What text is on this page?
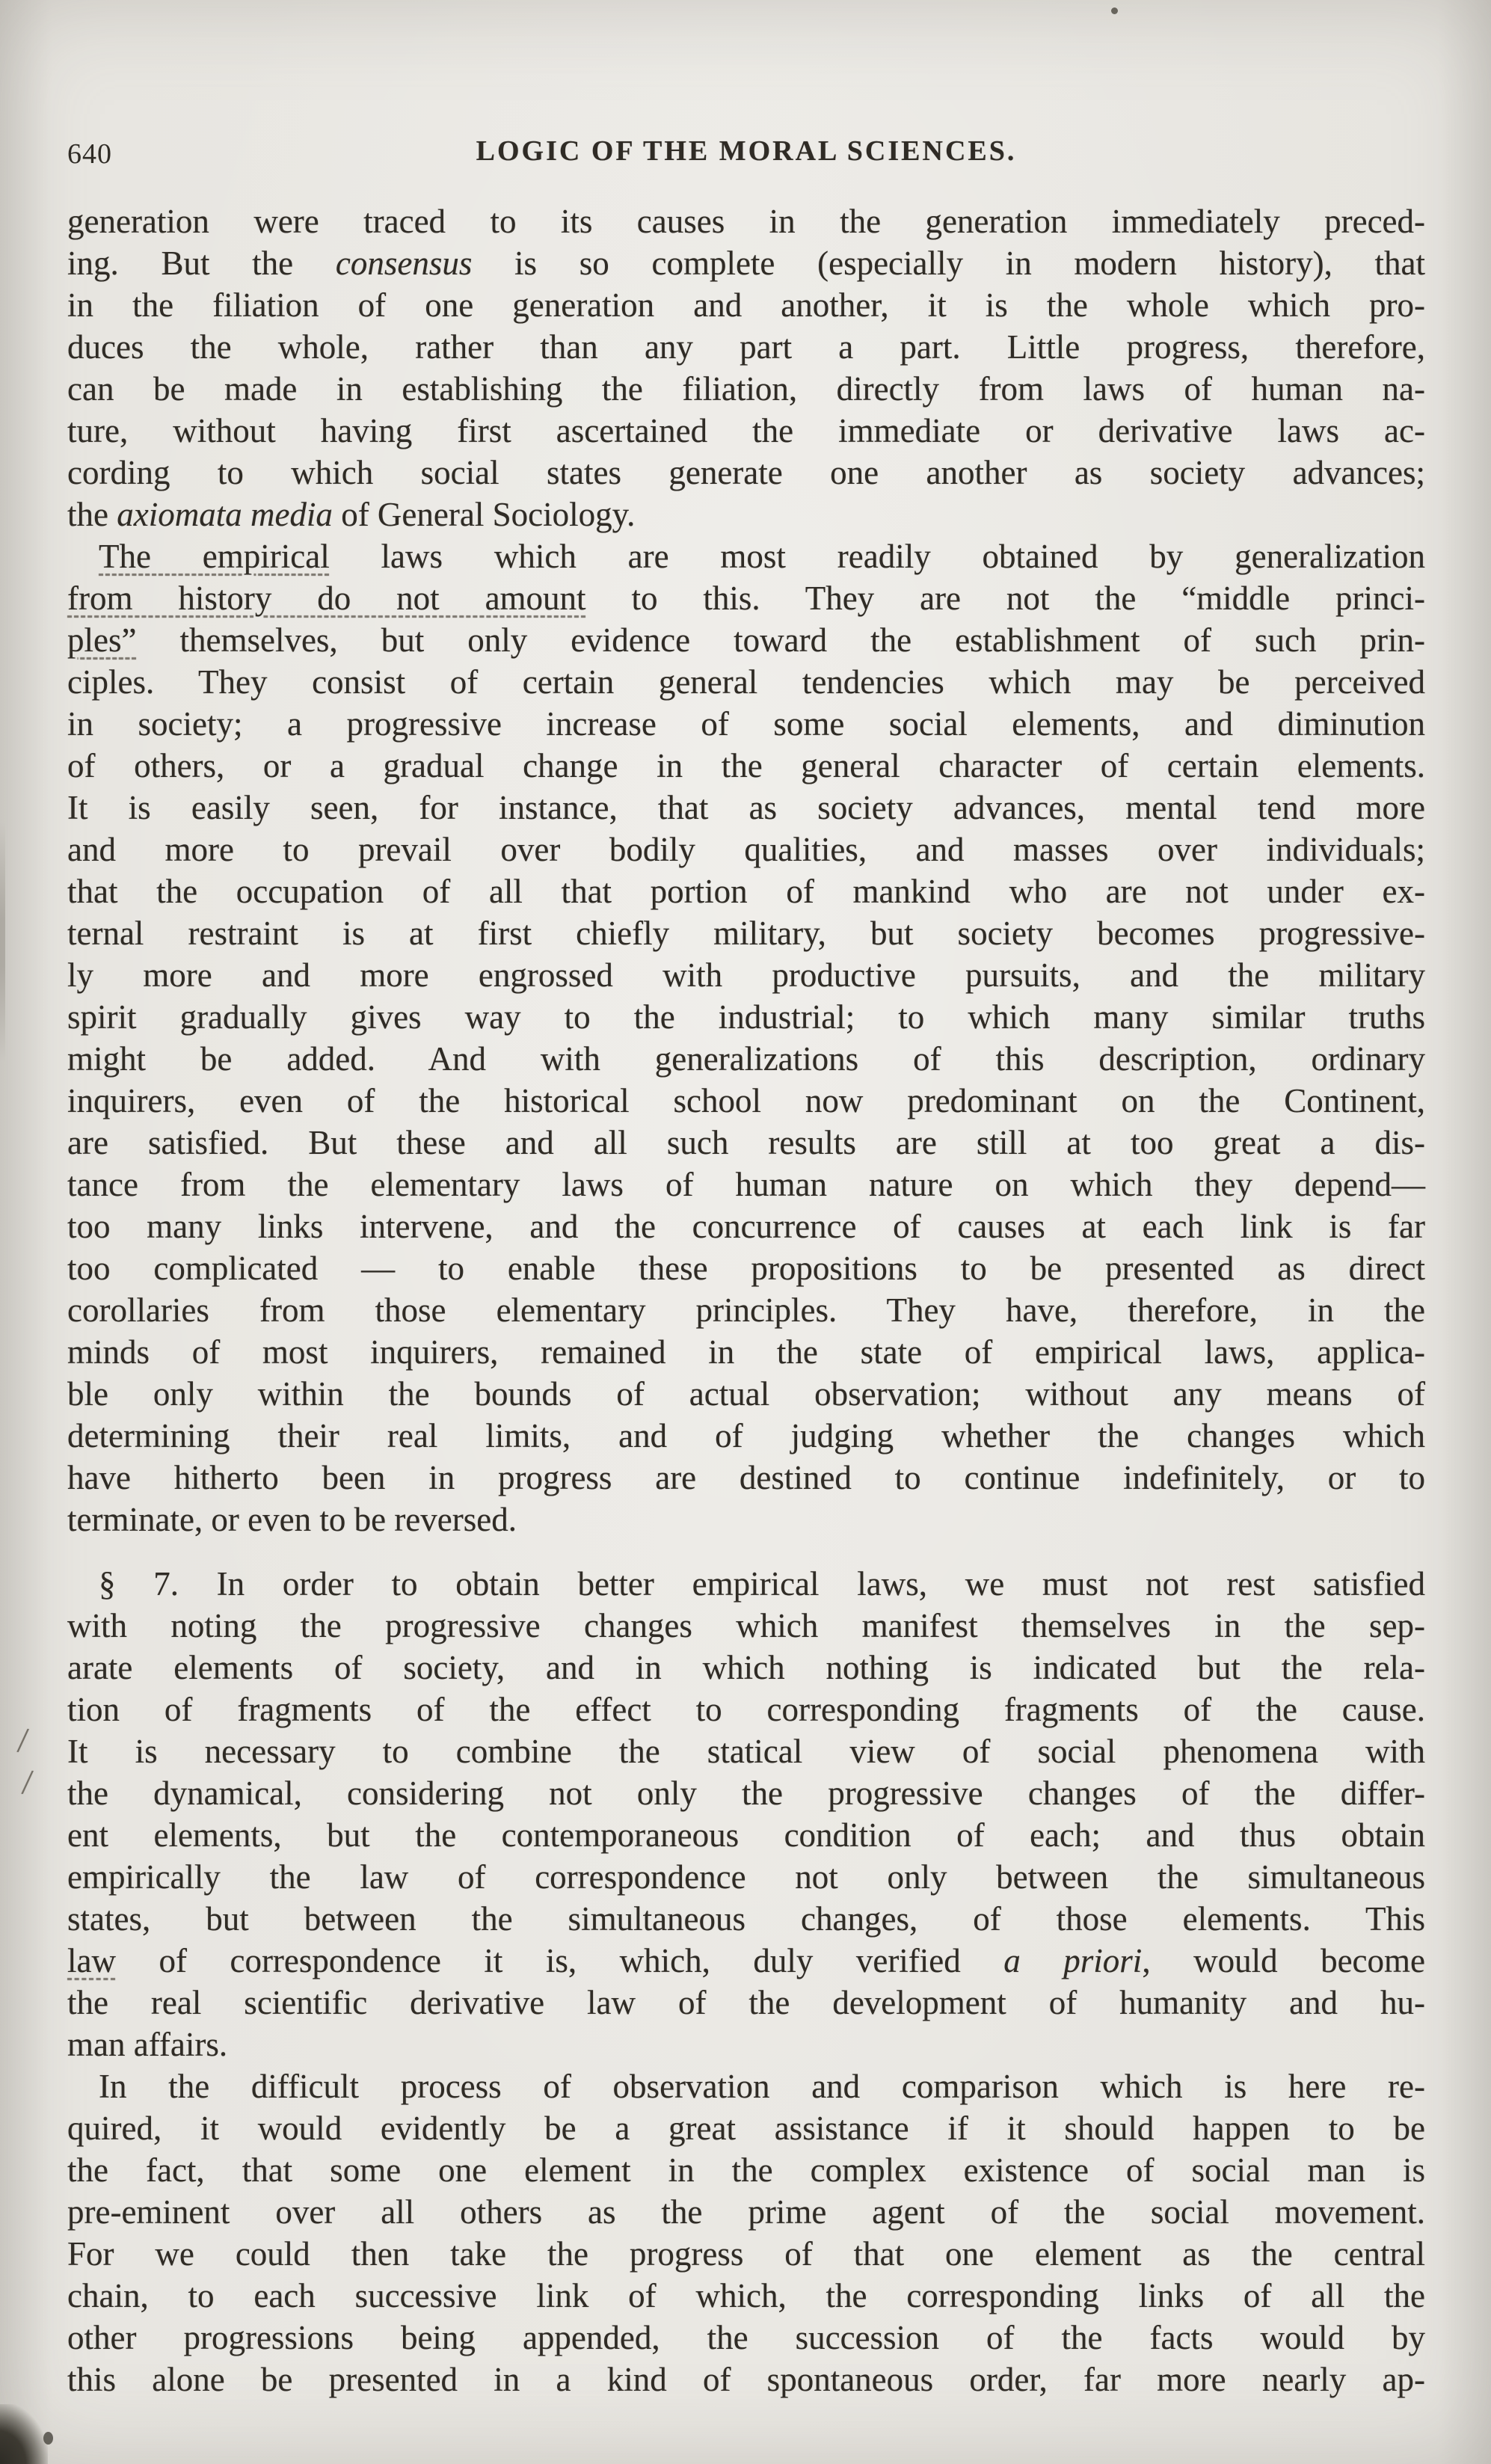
640	LOGIC OF THE MORAL SCIENCES.
generation were traced to its causes in the generation immediately preced-
ing. But the consensus is so complete (especially in modern history), that
in the filiation of one generation and another, it is the whole which pro-
duces the whole, rather than any part a part. Little progress, therefore,
can be made in establishing the filiation, directly from laws of human na-
ture, without having first ascertained the immediate or derivative laws ac-
cording to which social states generate one another as society advances;
the axiomata media of General Sociology.
The empirical laws which are most readily obtained by generalization
from history do not amount to this. They are not the “middle princi-
ples” themselves, but only evidence toward the establishment of such prin-
ciples. They consist of certain general tendencies which may be perceived
in society; a progressive increase of some social elements, and diminution
of others, or a gradual change in the general character of certain elements.
It is easily seen, for instance, that as society advances, mental tend more
and more to prevail over bodily qualities, and masses over individuals;
that the occupation of all that portion of mankind who are not under ex-
ternal restraint is at first chiefly military, but society becomes progressive-
ly more and more engrossed with productive pursuits, and the military
spirit gradually gives way to the industrial; to which many similar truths
might be added. And with generalizations of this description, ordinary
inquirers, even of the historical school now predominant on the Continent,
are satisfied. But these and all such results are still at too great a dis-
tance from the elementary laws of human nature on which they depend—
too many links intervene, and the concurrence of causes at each link is far
too complicated — to enable these propositions to be presented as direct
corollaries from those elementary principles. They have, therefore, in the
minds of most inquirers, remained in the state of empirical laws, applica-
ble only within the bounds of actual observation; without any means of
determining their real limits, and of judging whether the changes which
have hitherto been in progress are destined to continue indefinitely, or to
terminate, or even to be reversed.
§ 7. In order to obtain better empirical laws, we must not rest satisfied
with noting the progressive changes which manifest themselves in the sep-
arate elements of society, and in which nothing is indicated but the rela-
tion of fragments of the effect to corresponding fragments of the cause.
It is necessary to combine the statical view of social phenomena with
the dynamical, considering not only the progressive changes of the differ-
ent elements, but the contemporaneous condition of each; and thus obtain
empirically the law of correspondence not only between the simultaneous
states, but between the simultaneous changes, of those elements. This
law of correspondence it is, which, duly verified a priori, would become
the real scientific derivative law of the development of humanity and hu-
man affairs.
In the difficult process of observation and comparison which is here re-
quired, it would evidently be a great assistance if it should happen to be
the fact, that some one element in the complex existence of social man is
pre-eminent over all others as the prime agent of the social movement.
For we could then take the progress of that one element as the central
chain, to each successive link of which, the corresponding links of all the
other progressions being appended, the succession of the facts would by
this alone be presented in a kind of spontaneous order, far more nearly ap-
/
/
